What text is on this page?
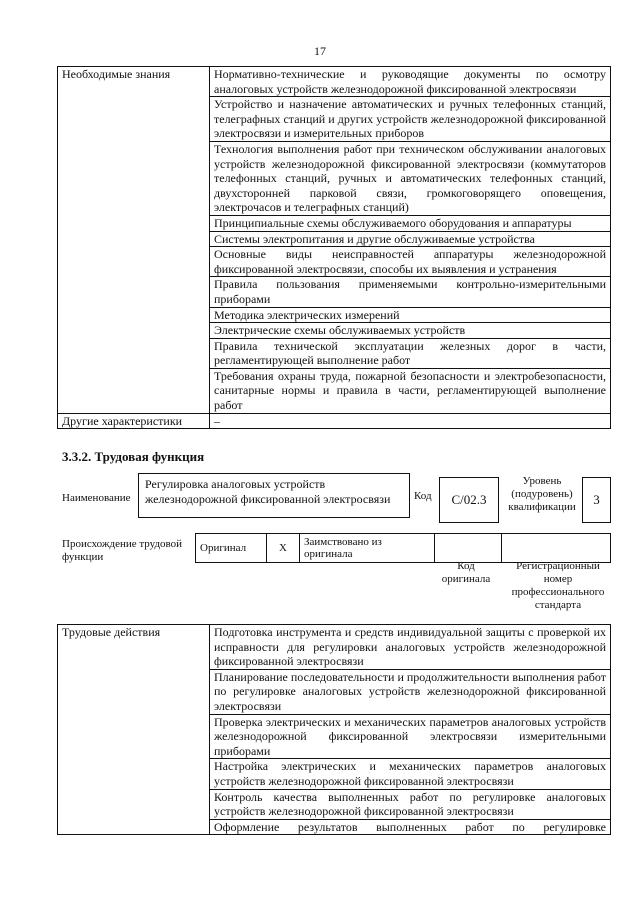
17
Необходимые знания	Нормативно-технические и руководящие документы по осмотру аналоговых устройств железнодорожной фиксированной электросвязи
	Устройство и назначение автоматических и ручных телефонных станций, телеграфных станций и других устройств железнодорожной фиксированной электросвязи и измерительных приборов
	Технология выполнения работ при техническом обслуживании аналоговых устройств железнодорожной фиксированной электросвязи (коммутаторов телефонных станций, ручных и автоматических телефонных станций, двухсторонней парковой связи, громкоговорящего оповещения, электрочасов и телеграфных станций)
	Принципиальные схемы обслуживаемого оборудования и аппаратуры
	Системы электропитания и другие обслуживаемые устройства
	Основные виды неисправностей аппаратуры железнодорожной фиксированной электросвязи, способы их выявления и устранения
	Правила пользования применяемыми контрольно-измерительными приборами
	Методика электрических измерений
	Электрические схемы обслуживаемых устройств
	Правила технической эксплуатации железных дорог в части, регламентирующей выполнение работ
	Требования охраны труда, пожарной безопасности и электробезопасности, санитарные нормы и правила в части, регламентирующей выполнение работ
Другие характеристики	–
3.3.2. Трудовая функция
Наименование
Регулировка аналоговых устройств железнодорожной фиксированной электросвязи	Код	С/02.3
Уровень (подуровень) квалификации	3
Происхождение трудовой функции
Оригинал	X	Заимствовано из оригинала		
Код оригинала
Регистрационный номер профессионального стандарта
Трудовые действия	Подготовка инструмента и средств индивидуальной защиты с проверкой их исправности для регулировки аналоговых устройств железнодорожной фиксированной электросвязи
Планирование последовательности и продолжительности выполнения работ по регулировке аналоговых устройств железнодорожной фиксированной электросвязи
Проверка электрических и механических параметров аналоговых устройств железнодорожной фиксированной электросвязи измерительными приборами
Настройка электрических и механических параметров аналоговых устройств железнодорожной фиксированной электросвязи
Контроль качества выполненных работ по регулировке аналоговых устройств железнодорожной фиксированной электросвязи
Оформление результатов выполненных работ по регулировке
